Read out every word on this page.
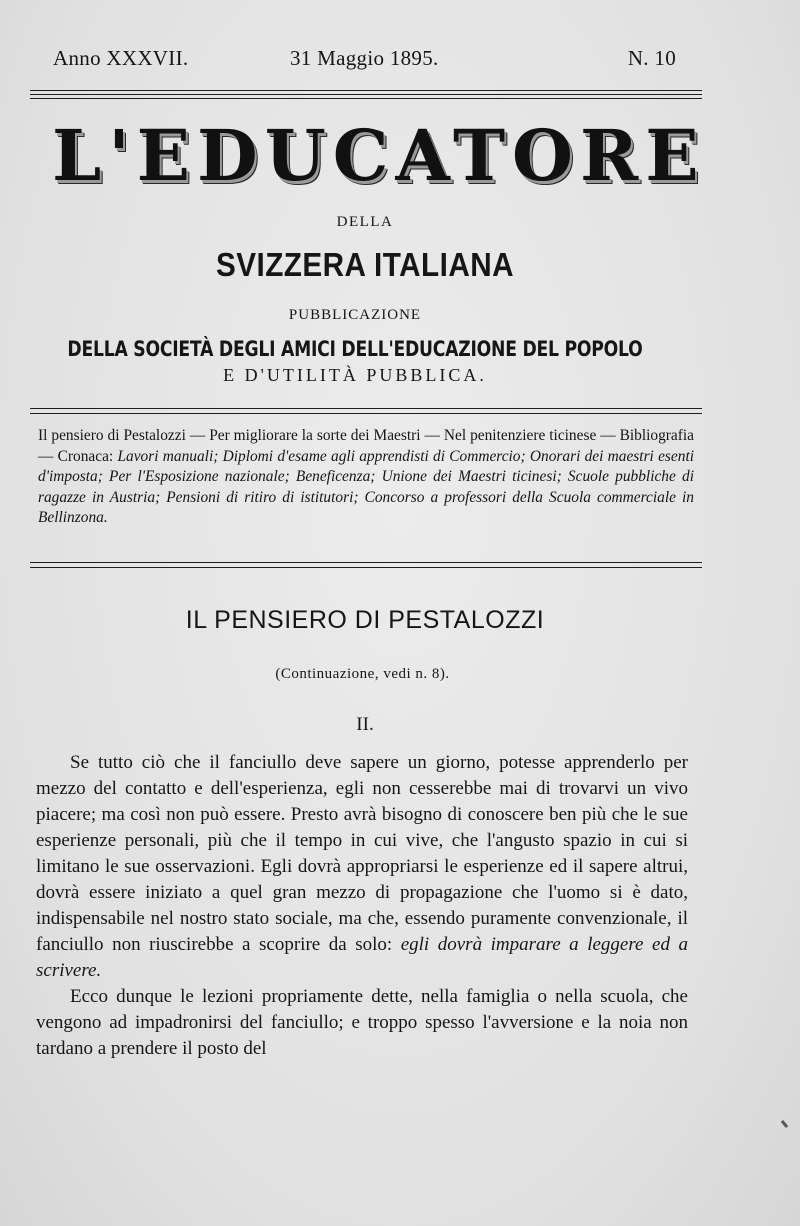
Anno XXXVII.	31 Maggio 1895.	N. 10
L'EDUCATORE
DELLA
SVIZZERA ITALIANA
PUBBLICAZIONE
DELLA SOCIETÀ DEGLI AMICI DELL'EDUCAZIONE DEL POPOLO
E D'UTILITÀ PUBBLICA.
Il pensiero di Pestalozzi — Per migliorare la sorte dei Maestri — Nel penitenziere ticinese — Bibliografia — Cronaca: Lavori manuali; Diplomi d'esame agli apprendisti di Commercio; Onorari dei maestri esenti d'imposta; Per l'Esposizione nazionale; Beneficenza; Unione dei Maestri ticinesi; Scuole pubbliche di ragazze in Austria; Pensioni di ritiro di istitutori; Concorso a professori della Scuola commerciale in Bellinzona.
IL PENSIERO DI PESTALOZZI
(Continuazione, vedi n. 8).
II.

Se tutto ciò che il fanciullo deve sapere un giorno, potesse apprenderlo per mezzo del contatto e dell'esperienza, egli non cesserebbe mai di trovarvi un vivo piacere; ma così non può essere. Presto avrà bisogno di conoscere ben più che le sue esperienze personali, più che il tempo in cui vive, che l'angusto spazio in cui si limitano le sue osservazioni. Egli dovrà appropriarsi le esperienze ed il sapere altrui, dovrà essere iniziato a quel gran mezzo di propagazione che l'uomo si è dato, indispensabile nel nostro stato sociale, ma che, essendo puramente convenzionale, il fanciullo non riuscirebbe a scoprire da solo: egli dovrà imparare a leggere ed a scrivere.

Ecco dunque le lezioni propriamente dette, nella famiglia o nella scuola, che vengono ad impadronirsi del fanciullo; e troppo spesso l'avversione e la noia non tardano a prendere il posto del
